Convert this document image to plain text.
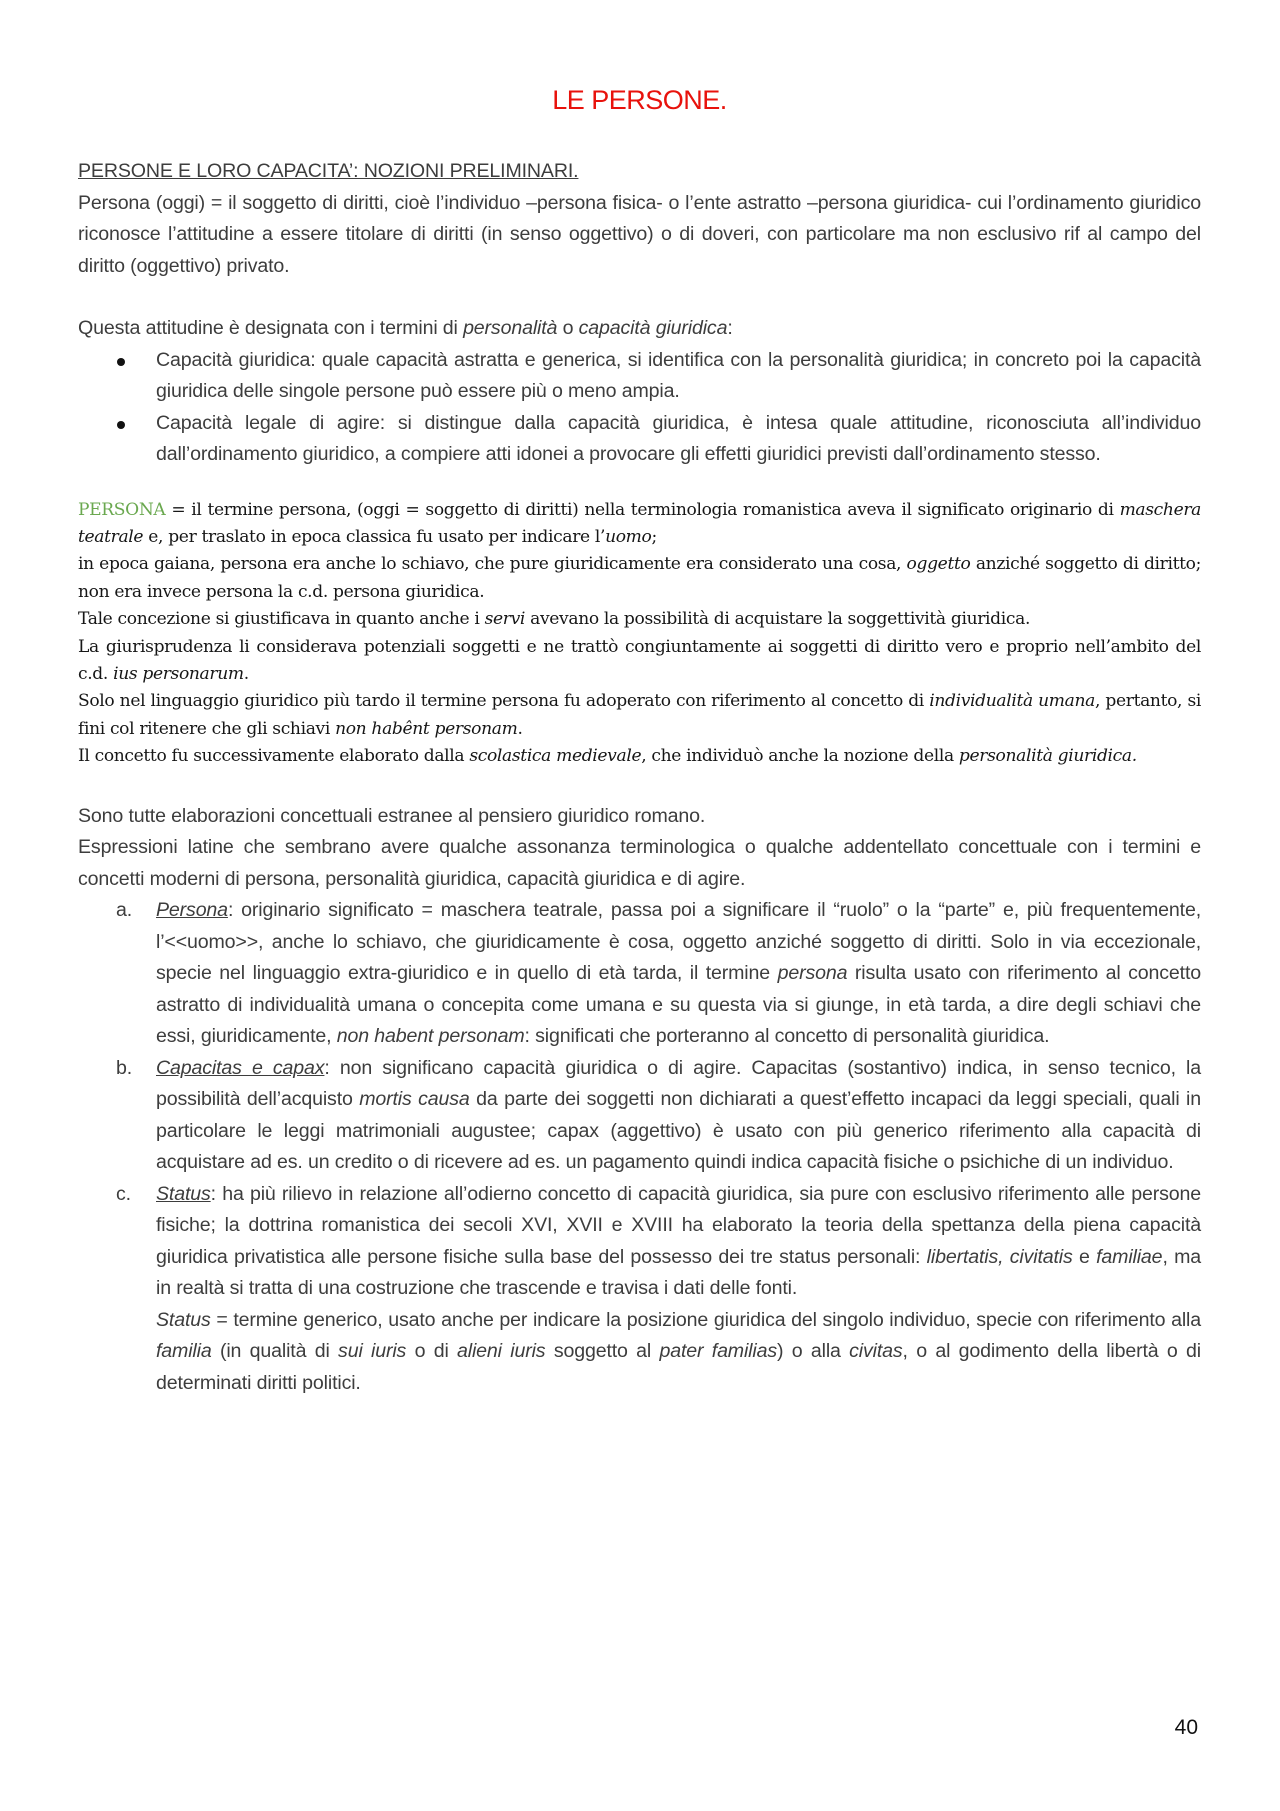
LE PERSONE.

PERSONE E LORO CAPACITA’: NOZIONI PRELIMINARI.

Persona (oggi) = il soggetto di diritti, cioè l’individuo –persona fisica- o l’ente astratto –persona giuridica- cui l’ordinamento giuridico riconosce l’attitudine a essere titolare di diritti (in senso oggettivo) o di doveri, con particolare ma non esclusivo rif al campo del diritto (oggettivo) privato.

Questa attitudine è designata con i termini di personalità o capacità giuridica:

Capacità giuridica: quale capacità astratta e generica, si identifica con la personalità giuridica; in concreto poi la capacità giuridica delle singole persone può essere più o meno ampia.
Capacità legale di agire: si distingue dalla capacità giuridica, è intesa quale attitudine, riconosciuta all’individuo dall’ordinamento giuridico, a compiere atti idonei a provocare gli effetti giuridici previsti dall’ordinamento stesso.

PERSONA = il termine persona, (oggi = soggetto di diritti) nella terminologia romanistica aveva il significato originario di maschera teatrale e, per traslato in epoca classica fu usato per indicare l’uomo;

in epoca gaiana, persona era anche lo schiavo, che pure giuridicamente era considerato una cosa, oggetto anziché soggetto di diritto; non era invece persona la c.d. persona giuridica.

Tale concezione si giustificava in quanto anche i servi avevano la possibilità di acquistare la soggettività giuridica.

La giurisprudenza li considerava potenziali soggetti e ne trattò congiuntamente ai soggetti di diritto vero e proprio nell’ambito del c.d. ius personarum.

Solo nel linguaggio giuridico più tardo il termine persona fu adoperato con riferimento al concetto di individualità umana, pertanto, si fini col ritenere che gli schiavi non habênt personam.

Il concetto fu successivamente elaborato dalla scolastica medievale, che individuò anche la nozione della personalità giuridica.

Sono tutte elaborazioni concettuali estranee al pensiero giuridico romano.

Espressioni latine che sembrano avere qualche assonanza terminologica o qualche addentellato concettuale con i termini e concetti moderni di persona, personalità giuridica, capacità giuridica e di agire.

a. Persona: originario significato = maschera teatrale, passa poi a significare il “ruolo” o la “parte” e, più frequentemente, l’<<uomo>>, anche lo schiavo, che giuridicamente è cosa, oggetto anziché soggetto di diritti. Solo in via eccezionale, specie nel linguaggio extra-giuridico e in quello di età tarda, il termine persona risulta usato con riferimento al concetto astratto di individualità umana o concepita come umana e su questa via si giunge, in età tarda, a dire degli schiavi che essi, giuridicamente, non habent personam: significati che porteranno al concetto di personalità giuridica.
b. Capacitas e capax: non significano capacità giuridica o di agire. Capacitas (sostantivo) indica, in senso tecnico, la possibilità dell’acquisto mortis causa da parte dei soggetti non dichiarati a quest’effetto incapaci da leggi speciali, quali in particolare le leggi matrimoniali augustee; capax (aggettivo) è usato con più generico riferimento alla capacità di acquistare ad es. un credito o di ricevere ad es. un pagamento quindi indica capacità fisiche o psichiche di un individuo.
c. Status: ha più rilievo in relazione all’odierno concetto di capacità giuridica, sia pure con esclusivo riferimento alle persone fisiche; la dottrina romanistica dei secoli XVI, XVII e XVIII ha elaborato la teoria della spettanza della piena capacità giuridica privatistica alle persone fisiche sulla base del possesso dei tre status personali: libertatis, civitatis e familiae, ma in realtà si tratta di una costruzione che trascende e travisa i dati delle fonti.
Status = termine generico, usato anche per indicare la posizione giuridica del singolo individuo, specie con riferimento alla familia (in qualità di sui iuris o di alieni iuris soggetto al pater familias) o alla civitas, o al godimento della libertà o di determinati diritti politici.
40
